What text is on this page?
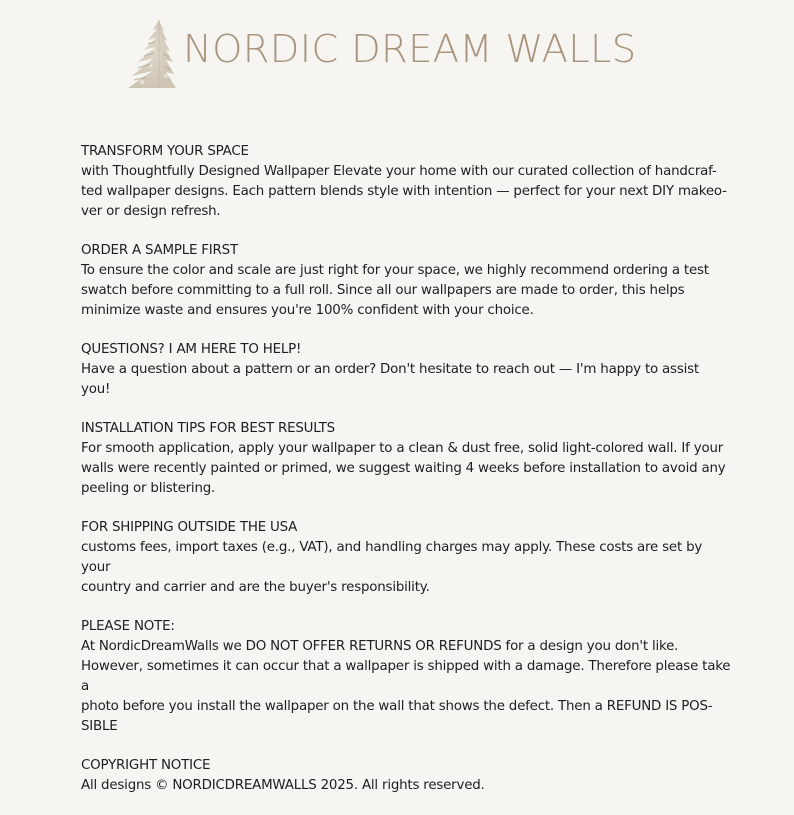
NORDIC DREAM WALLS
TRANSFORM YOUR SPACE
with Thoughtfully Designed Wallpaper Elevate your home with our curated collection of handcraf-
ted wallpaper designs. Each pattern blends style with intention — perfect for your next DIY makeo-
ver or design refresh.
ORDER A SAMPLE FIRST
To ensure the color and scale are just right for your space, we highly recommend ordering a test
swatch before committing to a full roll. Since all our wallpapers are made to order, this helps
minimize waste and ensures you're 100% confident with your choice.
QUESTIONS? I AM HERE TO HELP!
Have a question about a pattern or an order? Don't hesitate to reach out — I'm happy to assist you!
INSTALLATION TIPS FOR BEST RESULTS
For smooth application, apply your wallpaper to a clean & dust free, solid light-colored wall. If your
walls were recently painted or primed, we suggest waiting 4 weeks before installation to avoid any
peeling or blistering.
FOR SHIPPING OUTSIDE THE USA
customs fees, import taxes (e.g., VAT), and handling charges may apply. These costs are set by your
country and carrier and are the buyer's responsibility.
PLEASE NOTE:
At NordicDreamWalls we DO NOT OFFER RETURNS OR REFUNDS for a design you don't like.
However, sometimes it can occur that a wallpaper is shipped with a damage. Therefore please take a
photo before you install the wallpaper on the wall that shows the defect. Then a REFUND IS POS-
SIBLE
COPYRIGHT NOTICE
All designs © NORDICDREAMWALLS 2025. All rights reserved.
